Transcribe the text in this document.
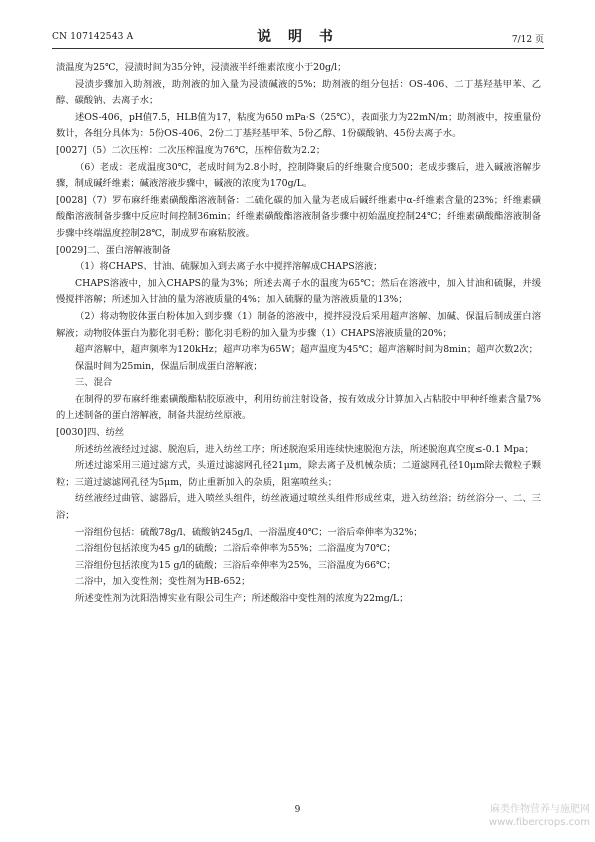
CN 107142543 A	说 明 书	7/12 页

渍温度为25℃，浸渍时间为35分钟，浸渍液半纤维素浓度小于20g/l；

浸渍步骤加入助剂液，助剂液的加入量为浸渍碱液的5%；助剂液的组分包括：OS-406、二丁基羟基甲苯、乙醇、碳酸钠、去离子水；

述OS-406，pH值7.5，HLB值为17，粘度为650 mPa·S（25℃），表面张力为22mN/m；助剂液中，按重量份数计，各组分具体为：5份OS-406、2份二丁基羟基甲苯、5份乙醇、1份碳酸钠、45份去离子水。

[0027]（5）二次压榨：二次压榨温度为76℃，压榨倍数为2.2；

（6）老成：老成温度30℃，老成时间为2.8小时，控制降聚后的纤维聚合度500；老成步骤后，进入碱液溶解步骤，制成碱纤维素；碱液溶液步骤中，碱液的浓度为170g/L。

[0028]（7）罗布麻纤维素磺酸酯溶液制备：二硫化碳的加入量为老成后碱纤维素中α-纤维素含量的23%；纤维素磺酸酯溶液制备步骤中反应时间控制36min；纤维素磺酸酯溶液制备步骤中初始温度控制24℃；纤维素磺酸酯溶液制备步骤中终端温度控制28℃，制成罗布麻粘胶液。

[0029]二、蛋白溶解液制备

（1）将CHAPS、甘油、硫脲加入到去离子水中搅拌溶解成CHAPS溶液；

CHAPS溶液中，加入CHAPS的量为3%；所述去离子水的温度为65℃；然后在溶液中，加入甘油和硫脲，并缓慢搅拌溶解；所述加入甘油的量为溶液质量的4%；加入硫脲的量为溶液质量的13%；

（2）将动物胶体蛋白粉体加入到步骤（1）制备的溶液中，搅拌浸没后采用超声溶解、加碱、保温后制成蛋白溶解液；动物胶体蛋白为膨化羽毛粉；膨化羽毛粉的加入量为步骤（1）CHAPS溶液质量的20%；

超声溶解中，超声频率为120kHz；超声功率为65W；超声温度为45℃；超声溶解时间为8min；超声次数2次；

保温时间为25min，保温后制成蛋白溶解液；

三、混合

在制得的罗布麻纤维素磺酸酯粘胶原液中，利用纺前注射设备，按有效成分计算加入占粘胶中甲种纤维素含量7%的上述制备的蛋白溶解液，制备共混纺丝原液。

[0030]四、纺丝

所述纺丝液经过过滤、脱泡后，进入纺丝工序；所述脱泡采用连续快速脱泡方法，所述脱泡真空度≤-0.1 Mpa；

所述过滤采用三道过滤方式，头道过滤滤网孔径21μm，除去离子及机械杂质；二道滤网孔径10μm除去微粒子颗粒；三道过滤滤网孔径为5μm，防止重新加入的杂质，阻塞喷丝头；

纺丝液经过曲管、滤器后，进入喷丝头组件，纺丝液通过喷丝头组件形成丝束，进入纺丝浴；纺丝浴分一、二、三浴；

一浴组份包括：硫酸78g/l、硫酸钠245g/l、一浴温度40℃；一浴后牵伸率为32%；

二浴组份包括浓度为45 g/l的硫酸；二浴后牵伸率为55%；二浴温度为70℃；

三浴组份包括浓度为15 g/l的硫酸；三浴后牵伸率为25%，三浴温度为66℃；

二浴中，加入变性剂；变性剂为HB-652；

所述变性剂为沈阳浩博实业有限公司生产；所述酸浴中变性剂的浓度为22mg/L；

9	麻类作物营养与施肥网
www.fibercrops.com
